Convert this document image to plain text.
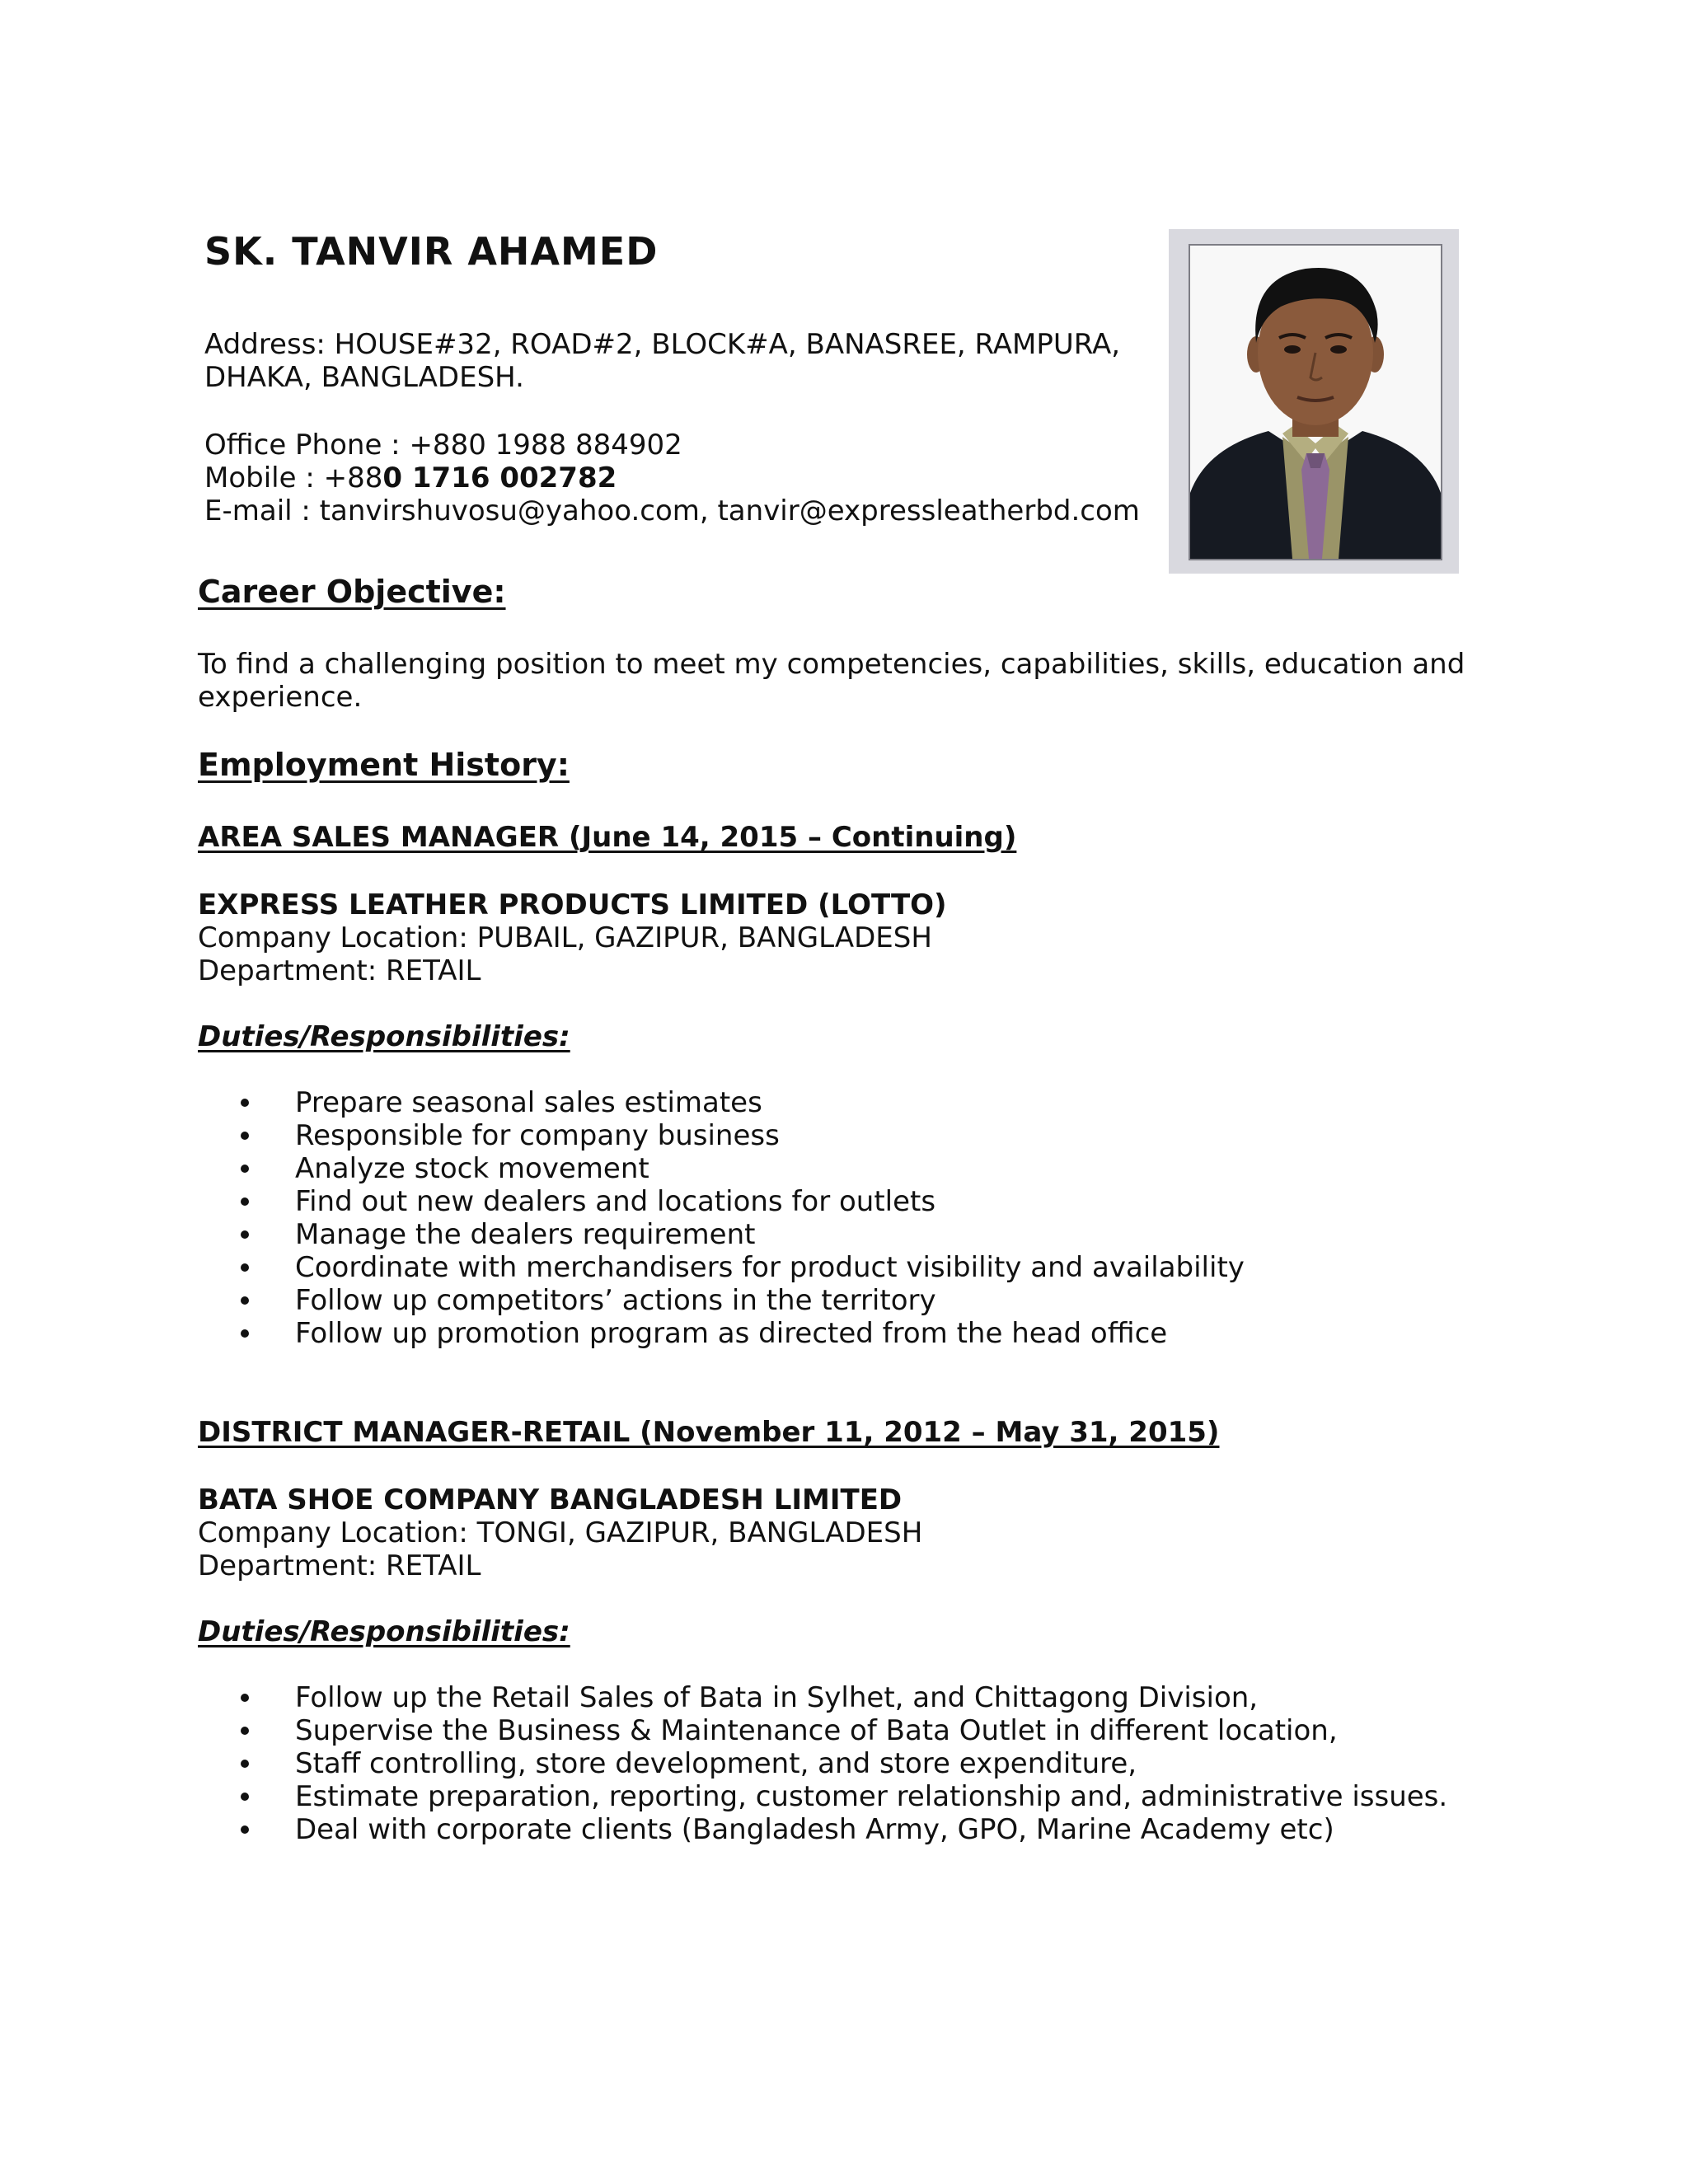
SK. TANVIR AHAMED
Address: HOUSE#32, ROAD#2, BLOCK#A, BANASREE, RAMPURA,
DHAKA, BANGLADESH.
Office Phone : +880 1988 884902
Mobile : +880 1716 002782
E-mail : tanvirshuvosu@yahoo.com, tanvir@expressleatherbd.com
Career Objective:
To find a challenging position to meet my competencies, capabilities, skills, education and
experience.
Employment History:
AREA SALES MANAGER (June 14, 2015 – Continuing)
EXPRESS LEATHER PRODUCTS LIMITED (LOTTO)
Company Location: PUBAIL, GAZIPUR, BANGLADESH
Department: RETAIL
Duties/Responsibilities:
Prepare seasonal sales estimates
Responsible for company business
Analyze stock movement
Find out new dealers and locations for outlets
Manage the dealers requirement
Coordinate with merchandisers for product visibility and availability
Follow up competitors’ actions in the territory
Follow up promotion program as directed from the head office
DISTRICT MANAGER-RETAIL (November 11, 2012 – May 31, 2015)
BATA SHOE COMPANY BANGLADESH LIMITED
Company Location: TONGI, GAZIPUR, BANGLADESH
Department: RETAIL
Duties/Responsibilities:
Follow up the Retail Sales of Bata in Sylhet, and Chittagong Division,
Supervise the Business & Maintenance of Bata Outlet in different location,
Staff controlling, store development, and store expenditure,
Estimate preparation, reporting, customer relationship and, administrative issues.
Deal with corporate clients (Bangladesh Army, GPO, Marine Academy etc)
